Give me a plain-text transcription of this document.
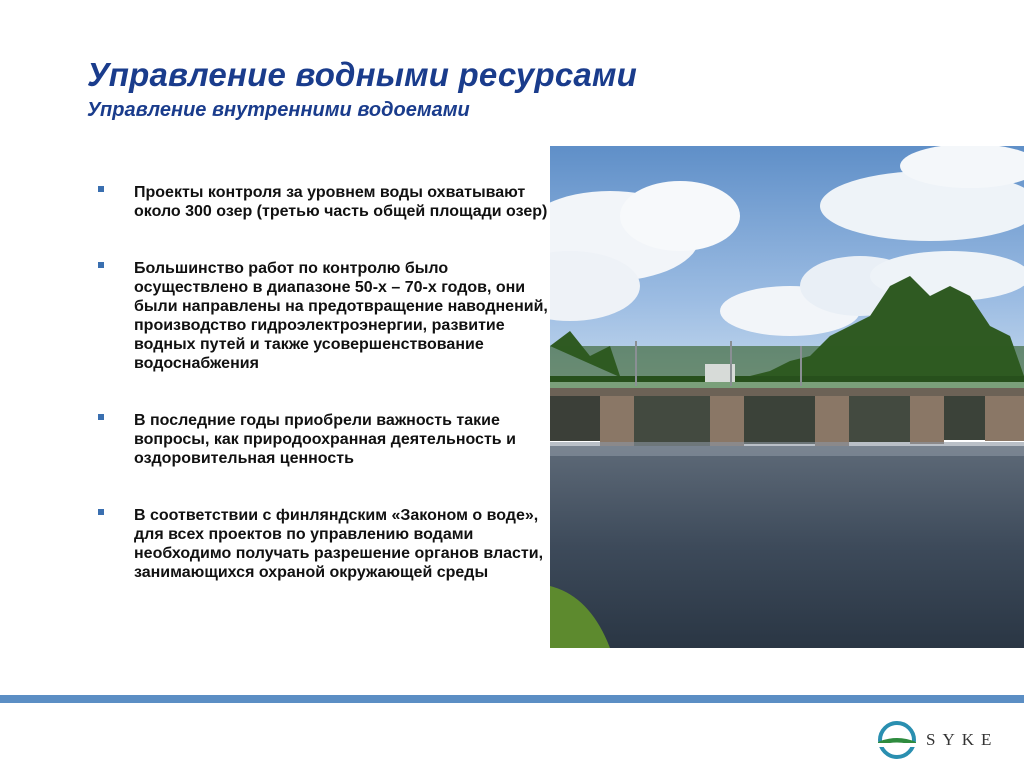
Управление водными ресурсами
Управление внутренними водоемами
Проекты контроля за уровнем воды охватывают около 300 озер (третью часть общей площади озер)
Большинство работ по контролю было осуществлено в диапазоне 50-х – 70-х годов, они были направлены на предотвращение наводнений, производство гидроэлектроэнергии, развитие водных путей и также усовершенствование водоснабжения
В последние годы приобрели важность такие вопросы, как природоохранная деятельность и оздоровительная ценность
В соответствии с финляндским «Законом о воде», для всех проектов по управлению водами необходимо получать разрешение органов власти, занимающихся охраной окружающей среды
SYKE
